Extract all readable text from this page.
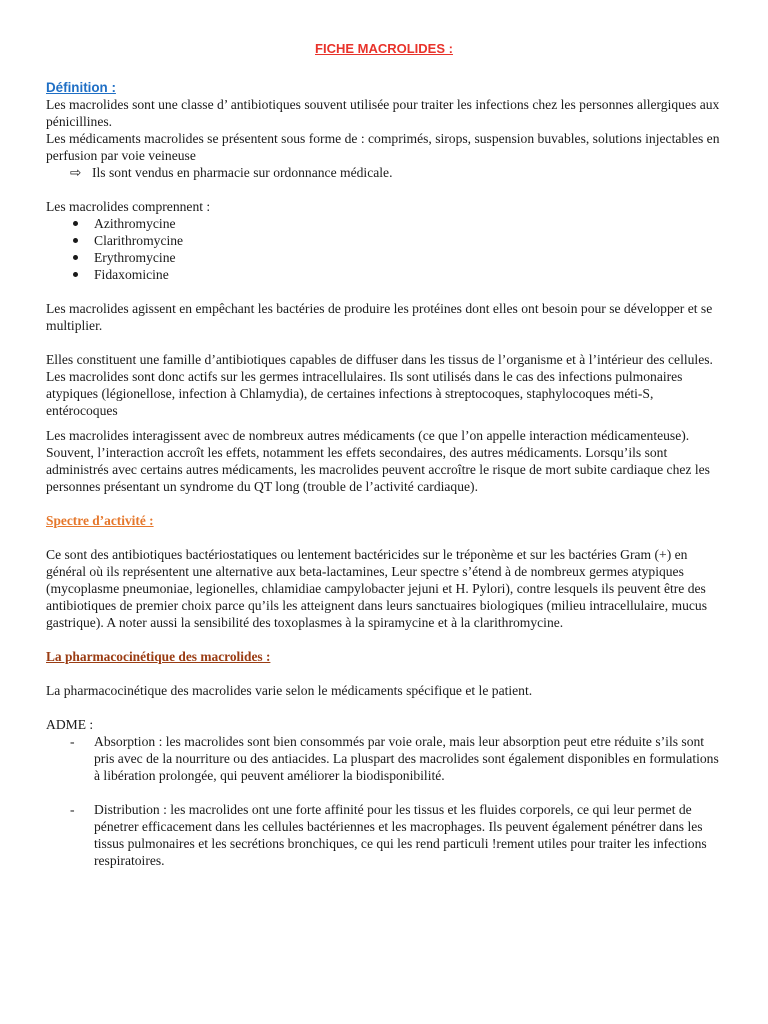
FICHE MACROLIDES :

Définition :

Les macrolides sont une classe d’ antibiotiques souvent utilisée pour traiter les infections chez les personnes allergiques aux pénicillines.

Les médicaments macrolides se présentent sous forme de : comprimés, sirops, suspension buvables, solutions injectables en perfusion par voie veineuse

⇨ Ils sont vendus en pharmacie sur ordonnance médicale.

Les macrolides comprennent :

Azithromycine
Clarithromycine
Erythromycine
Fidaxomicine

Les macrolides agissent en empêchant les bactéries de produire les protéines dont elles ont besoin pour se développer et se multiplier.

Elles constituent une famille d’antibiotiques capables de diffuser dans les tissus de l’organisme et à l’intérieur des cellules.

Les macrolides sont donc actifs sur les germes intracellulaires. Ils sont utilisés dans le cas des infections pulmonaires atypiques (légionellose, infection à Chlamydia), de certaines infections à streptocoques, staphylocoques méti-S, entérocoques

Les macrolides interagissent avec de nombreux autres médicaments (ce que l’on appelle interaction médicamenteuse). Souvent, l’interaction accroît les effets, notamment les effets secondaires, des autres médicaments. Lorsqu’ils sont administrés avec certains autres médicaments, les macrolides peuvent accroître le risque de mort subite cardiaque chez les personnes présentant un syndrome du QT long (trouble de l’activité cardiaque).

Spectre d’activité :

Ce sont des antibiotiques bactériostatiques ou lentement bactéricides sur le tréponème et sur les bactéries Gram (+) en général où ils représentent une alternative aux beta-lactamines, Leur spectre s’étend à de nombreux germes atypiques (mycoplasme pneumoniae, legionelles, chlamidiae campylobacter jejuni et H. Pylori), contre lesquels ils peuvent être des antibiotiques de premier choix parce qu’ils les atteignent dans leurs sanctuaires biologiques (milieu intracellulaire, mucus gastrique). A noter aussi la sensibilité des toxoplasmes à la spiramycine et à la clarithromycine.

La pharmacocinétique des macrolides :

La pharmacocinétique des macrolides varie selon le médicaments spécifique et le patient.

ADME :

- Absorption : les macrolides sont bien consommés par voie orale, mais leur absorption peut etre réduite s’ils sont pris avec de la nourriture ou des antiacides. La pluspart des macrolides sont également disponibles en formulations à libération prolongée, qui peuvent améliorer la biodisponibilité.
- Distribution : les macrolides ont une forte affinité pour les tissus et les fluides corporels, ce qui leur permet de pénetrer efficacement dans les cellules bactériennes et les macrophages. Ils peuvent également pénétrer dans les tissus pulmonaires et les secrétions bronchiques, ce qui les rend particuli !rement utiles pour traiter les infections respiratoires.
